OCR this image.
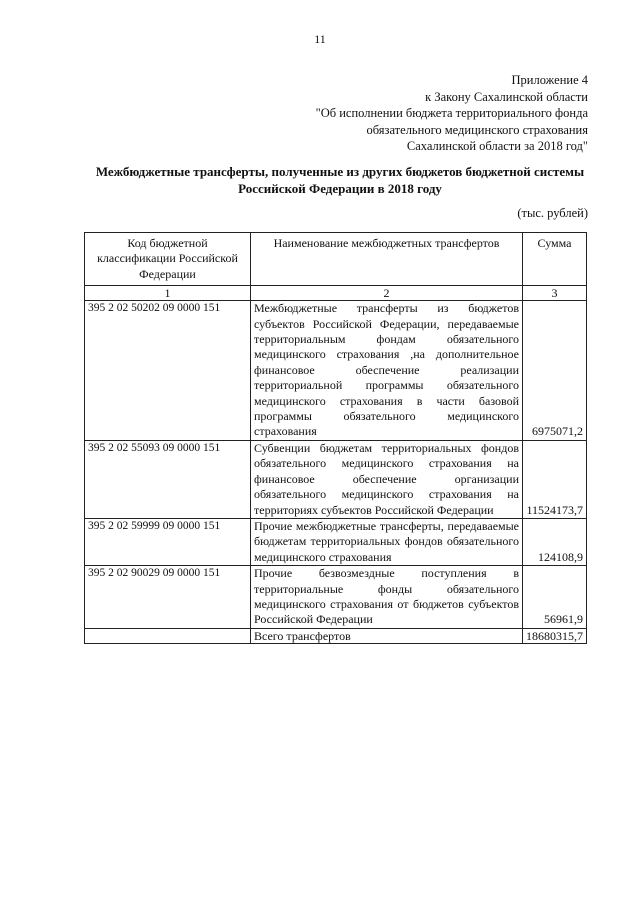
11
Приложение 4
к Закону Сахалинской области
"Об исполнении бюджета территориального фонда
обязательного медицинского страхования
Сахалинской области за 2018 год"
Межбюджетные трансферты, полученные из других бюджетов бюджетной системы
Российской Федерации в 2018 году
(тыс. рублей)
Код бюджетной классификации Российской Федерации	Наименование межбюджетных трансфертов	Сумма
1	2	3
395 2 02 50202 09 0000 151	Межбюджетные трансферты из бюджетов субъектов Российской Федерации, передаваемые территориальным фондам обязательного медицинского страхования ,на дополнительное финансовое обеспечение реализации территориальной программы обязательного медицинского страхования в части базовой программы обязательного медицинского страхования	6975071,2
395 2 02 55093 09 0000 151	Субвенции бюджетам территориальных фондов обязательного медицинского страхования на финансовое обеспечение организации обязательного медицинского страхования на территориях субъектов Российской Федерации	11524173,7
395 2 02 59999 09 0000 151	Прочие межбюджетные трансферты, передаваемые бюджетам территориальных фондов обязательного медицинского страхования	124108,9
395 2 02 90029 09 0000 151	Прочие безвозмездные поступления в территориальные фонды обязательного медицинского страхования от бюджетов субъектов Российской Федерации	56961,9
	Всего трансфертов	18680315,7
